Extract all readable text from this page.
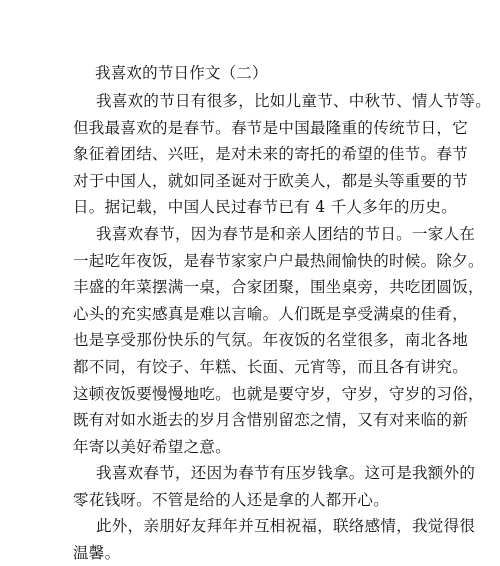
我喜欢的节日作文（二）
我喜欢的节日有很多，比如儿童节、中秋节、情人节等。
但我最喜欢的是春节。春节是中国最隆重的传统节日，它
象征着团结、兴旺，是对未来的寄托的希望的佳节。春节
对于中国人，就如同圣诞对于欧美人，都是头等重要的节
日。据记载，中国人民过春节已有 4 千人多年的历史。
我喜欢春节，因为春节是和亲人团结的节日。一家人在
一起吃年夜饭，是春节家家户户最热闹愉快的时候。除夕。
丰盛的年菜摆满一桌，合家团聚，围坐桌旁，共吃团圆饭，
心头的充实感真是难以言喻。人们既是享受满桌的佳肴，
也是享受那份快乐的气氛。年夜饭的名堂很多，南北各地
都不同，有饺子、年糕、长面、元宵等，而且各有讲究。
这顿夜饭要慢慢地吃。也就是要守岁，守岁，守岁的习俗，
既有对如水逝去的岁月含惜别留恋之情，又有对来临的新
年寄以美好希望之意。
我喜欢春节，还因为春节有压岁钱拿。这可是我额外的
零花钱呀。不管是给的人还是拿的人都开心。
此外，亲朋好友拜年并互相祝福，联络感情，我觉得很
温馨。
